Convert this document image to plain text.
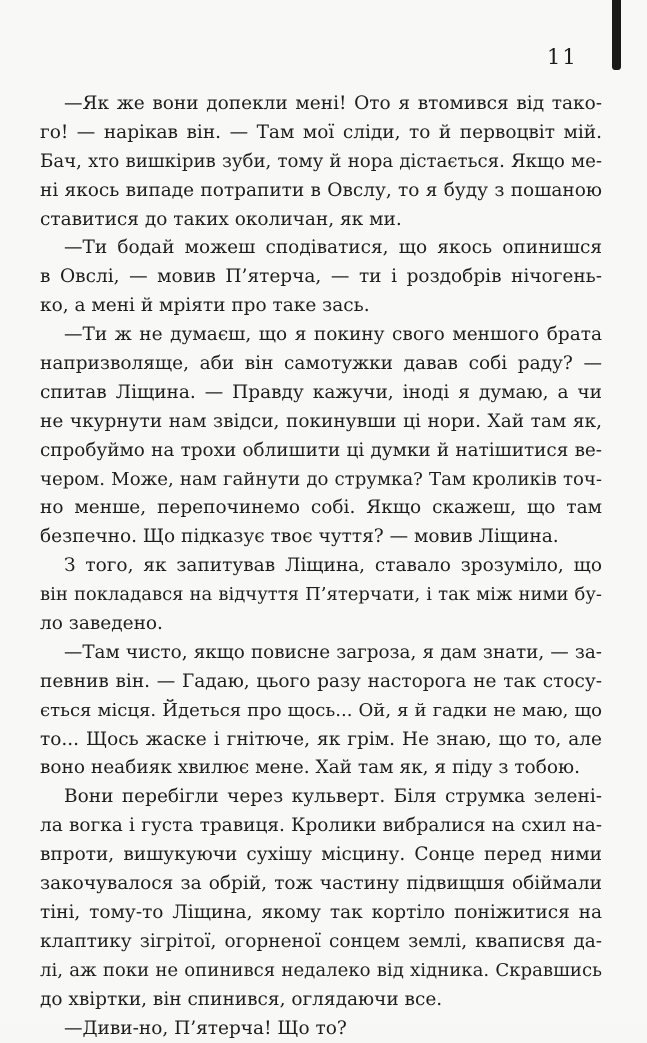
11
—Як же вони допекли мені! Ото я втомився від тако-
го! — нарікав він. — Там мої сліди, то й первоцвіт мій.
Бач, хто вишкірив зуби, тому й нора дістається. Якщо ме-
ні якось випаде потрапити в Овслу, то я буду з пошаною
ставитися до таких околичан, як ми.
—Ти бодай можеш сподіватися, що якось опинишся
в Овслі, — мовив П’ятерча, — ти і роздобрів нічогень-
ко, а мені й мріяти про таке зась.
—Ти ж не думаєш, що я покину свого меншого брата
напризволяще, аби він самотужки давав собі раду? —
спитав Ліщина. — Правду кажучи, іноді я думаю, а чи
не чкурнути нам звідси, покинувши ці нори. Хай там як,
спробуймо на трохи облишити ці думки й натішитися ве-
чером. Може, нам гайнути до струмка? Там кроликів точ-
но менше, перепочинемо собі. Якщо скажеш, що там
безпечно. Що підказує твоє чуття? — мовив Ліщина.
З того, як запитував Ліщина, ставало зрозуміло, що
він покладався на відчуття П’ятерчати, і так між ними бу-
ло заведено.
—Там чисто, якщо повисне загроза, я дам знати, — за-
певнив він. — Гадаю, цього разу насторога не так стосу-
ється місця. Йдеться про щось... Ой, я й гадки не маю, що
то... Щось жаске і гнітюче, як грім. Не знаю, що то, але
воно неабияк хвилює мене. Хай там як, я піду з тобою.
Вони перебігли через кульверт. Біля струмка зелені-
ла вогка і густа травиця. Кролики вибралися на схил на-
впроти, вишукуючи сухішу місцину. Сонце перед ними
закочувалося за обрій, тож частину підвищшя обіймали
тіні, тому-то Ліщина, якому так кортіло поніжитися на
клаптику зігрітої, огорненої сонцем землі, кваписвя да-
лі, аж поки не опинився недалеко від хідника. Скравшись
до хвіртки, він спинився, оглядаючи все.
—Диви-но, П’ятерча! Що то?
